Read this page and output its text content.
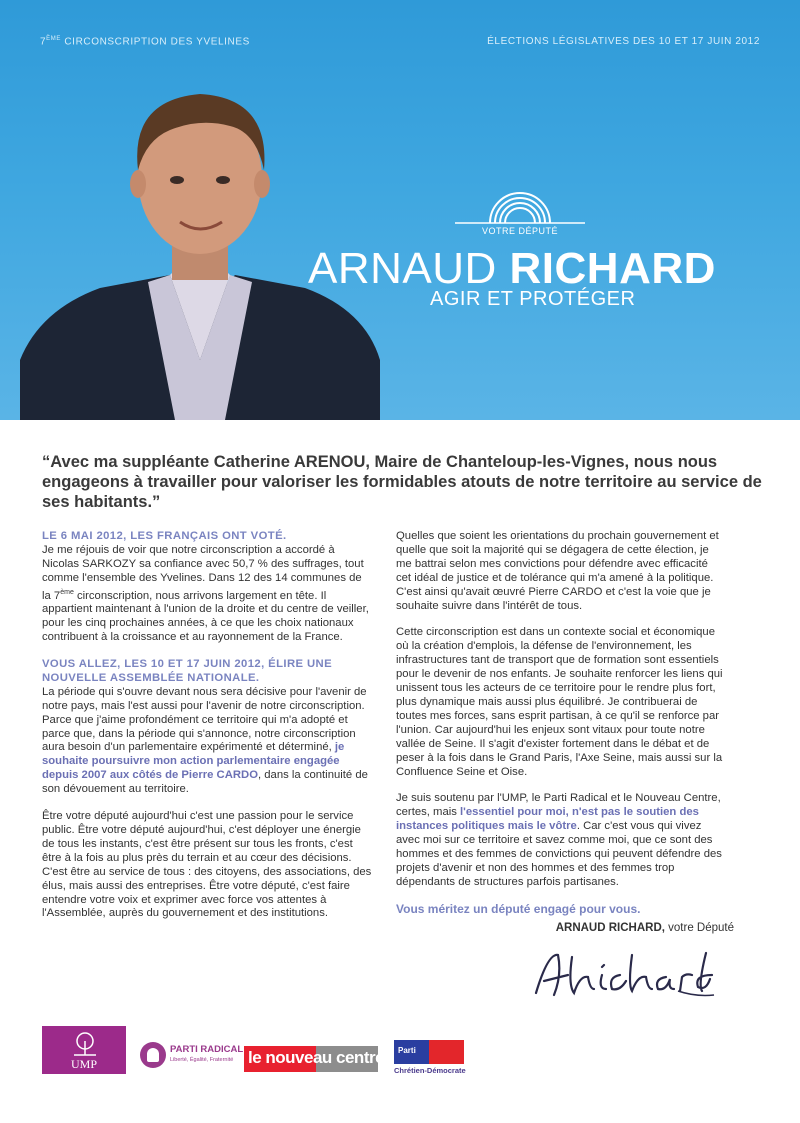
7ÈME CIRCONSCRIPTION DES YVELINES	ÉLECTIONS LÉGISLATIVES DES 10 ET 17 JUIN 2012
VOTRE DÉPUTÉ
ARNAUD RICHARD
AGIR ET PROTÉGER
“Avec ma suppléante Catherine ARENOU, Maire de Chanteloup-les-Vignes, nous nous engageons à travailler pour valoriser les formidables atouts de notre territoire au service de ses habitants.”
LE 6 MAI 2012, LES FRANÇAIS ONT VOTÉ.

Je me réjouis de voir que notre circonscription a accordé à Nicolas SARKOZY sa confiance avec 50,7 % des suffrages, tout comme l'ensemble des Yvelines. Dans 12 des 14 communes de la 7ème circonscription, nous arrivons largement en tête. Il appartient maintenant à l'union de la droite et du centre de veiller, pour les cinq prochaines années, à ce que les choix nationaux contribuent à la croissance et au rayonnement de la France.

VOUS ALLEZ, LES 10 ET 17 JUIN 2012, ÉLIRE UNE NOUVELLE ASSEMBLÉE NATIONALE.

La période qui s'ouvre devant nous sera décisive pour l'avenir de notre pays, mais l'est aussi pour l'avenir de notre circonscription. Parce que j'aime profondément ce territoire qui m'a adopté et parce que, dans la période qui s'annonce, notre circonscription aura besoin d'un parlementaire expérimenté et déterminé, je souhaite poursuivre mon action parlementaire engagée depuis 2007 aux côtés de Pierre CARDO, dans la continuité de son dévouement au territoire.

Être votre député aujourd'hui c'est une passion pour le service public. Être votre député aujourd'hui, c'est déployer une énergie de tous les instants, c'est être présent sur tous les fronts, c'est être à la fois au plus près du terrain et au cœur des décisions. C'est être au service de tous : des citoyens, des associations, des élus, mais aussi des entreprises. Être votre député, c'est faire entendre votre voix et exprimer avec force vos attentes à l'Assemblée, auprès du gouvernement et des institutions.

Quelles que soient les orientations du prochain gouvernement et quelle que soit la majorité qui se dégagera de cette élection, je me battrai selon mes convictions pour défendre avec efficacité cet idéal de justice et de tolérance qui m'a amené à la politique. C'est ainsi qu'avait œuvré Pierre CARDO et c'est la voie que je souhaite suivre dans l'intérêt de tous.

Cette circonscription est dans un contexte social et économique où la création d'emplois, la défense de l'environnement, les infrastructures tant de transport que de formation sont essentiels pour le devenir de nos enfants. Je souhaite renforcer les liens qui unissent tous les acteurs de ce territoire pour le rendre plus fort, plus dynamique mais aussi plus équilibré. Je contribuerai de toutes mes forces, sans esprit partisan, à ce qu'il se renforce par l'union. Car aujourd'hui les enjeux sont vitaux pour toute notre vallée de Seine. Il s'agit d'exister fortement dans le débat et de peser à la fois dans le Grand Paris, l'Axe Seine, mais aussi sur la Confluence Seine et Oise.

Je suis soutenu par l'UMP, le Parti Radical et le Nouveau Centre, certes, mais l'essentiel pour moi, n'est pas le soutien des instances politiques mais le vôtre. Car c'est vous qui vivez avec moi sur ce territoire et savez comme moi, que ce sont des hommes et des femmes de convictions qui peuvent défendre des projets d'avenir et non des hommes et des femmes trop dépendants de structures parfois partisanes.

Vous méritez un député engagé pour vous.
ARNAUD RICHARD, votre Député
UMP
PARTI RADICAL
Liberté, Égalité, Fraternité le nouveau centre Parti
Chrétien-Démocrate
